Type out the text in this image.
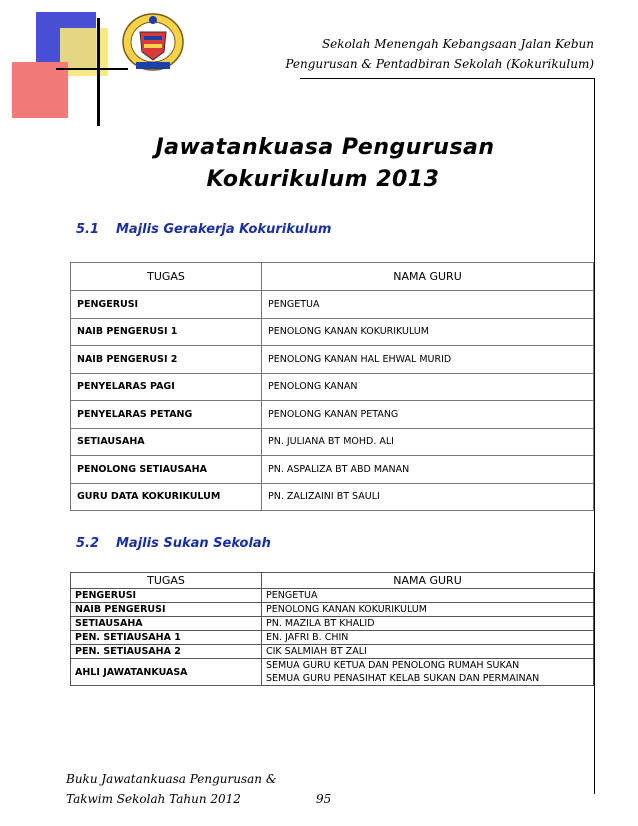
Sekolah Menengah Kebangsaan Jalan Kebun
Pengurusan & Pentadbiran Sekolah (Kokurikulum)
Jawatankuasa Pengurusan
Kokurikulum 2013
5.1 Majlis Gerakerja Kokurikulum
TUGAS	NAMA GURU
PENGERUSI	PENGETUA
NAIB PENGERUSI 1	PENOLONG KANAN KOKURIKULUM
NAIB PENGERUSI 2	PENOLONG KANAN HAL EHWAL MURID
PENYELARAS PAGI	PENOLONG KANAN
PENYELARAS PETANG	PENOLONG KANAN PETANG
SETIAUSAHA	PN. JULIANA BT MOHD. ALI
PENOLONG SETIAUSAHA	PN. ASPALIZA BT ABD MANAN
GURU DATA KOKURIKULUM	PN. ZALIZAINI BT SAULI
5.2 Majlis Sukan Sekolah
TUGAS	NAMA GURU
PENGERUSI	PENGETUA
NAIB PENGERUSI	PENOLONG KANAN KOKURIKULUM
SETIAUSAHA	PN. MAZILA BT KHALID
PEN. SETIAUSAHA 1	EN. JAFRI B. CHIN
PEN. SETIAUSAHA 2	CIK SALMIAH BT ZALI
AHLI JAWATANKUASA	SEMUA GURU KETUA DAN PENOLONG RUMAH SUKAN
SEMUA GURU PENASIHAT KELAB SUKAN DAN PERMAINAN
Buku Jawatankuasa Pengurusan &
Takwim Sekolah Tahun 2012	95
